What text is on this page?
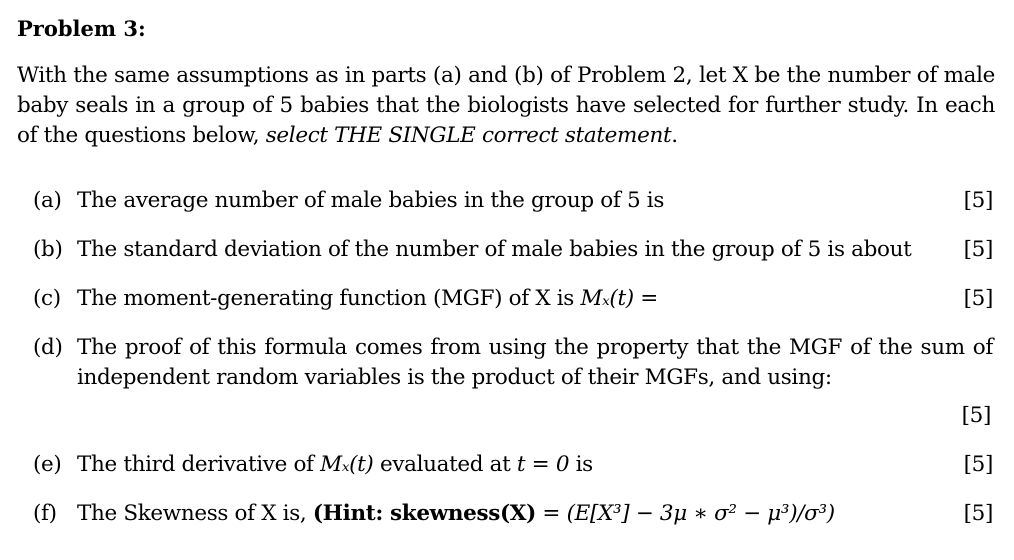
Problem 3:

With the same assumptions as in parts (a) and (b) of Problem 2, let X be the number of male baby seals in a group of 5 babies that the biologists have selected for further study. In each of the questions below, select THE SINGLE correct statement.

(a) The average number of male babies in the group of 5 is	[5]
(b) The standard deviation of the number of male babies in the group of 5 is about [5]
(c) The moment-generating function (MGF) of X is Mₓ(t) =	[5]
(d) The proof of this formula comes from using the property that the MGF of the sum of independent random variables is the product of their MGFs, and using:
[5]
(e) The third derivative of Mₓ(t) evaluated at t = 0 is	[5]
(f) The Skewness of X is, (Hint: skewness(X) = (E[X³] − 3μ ∗ σ² − μ³)/σ³)	[5]
